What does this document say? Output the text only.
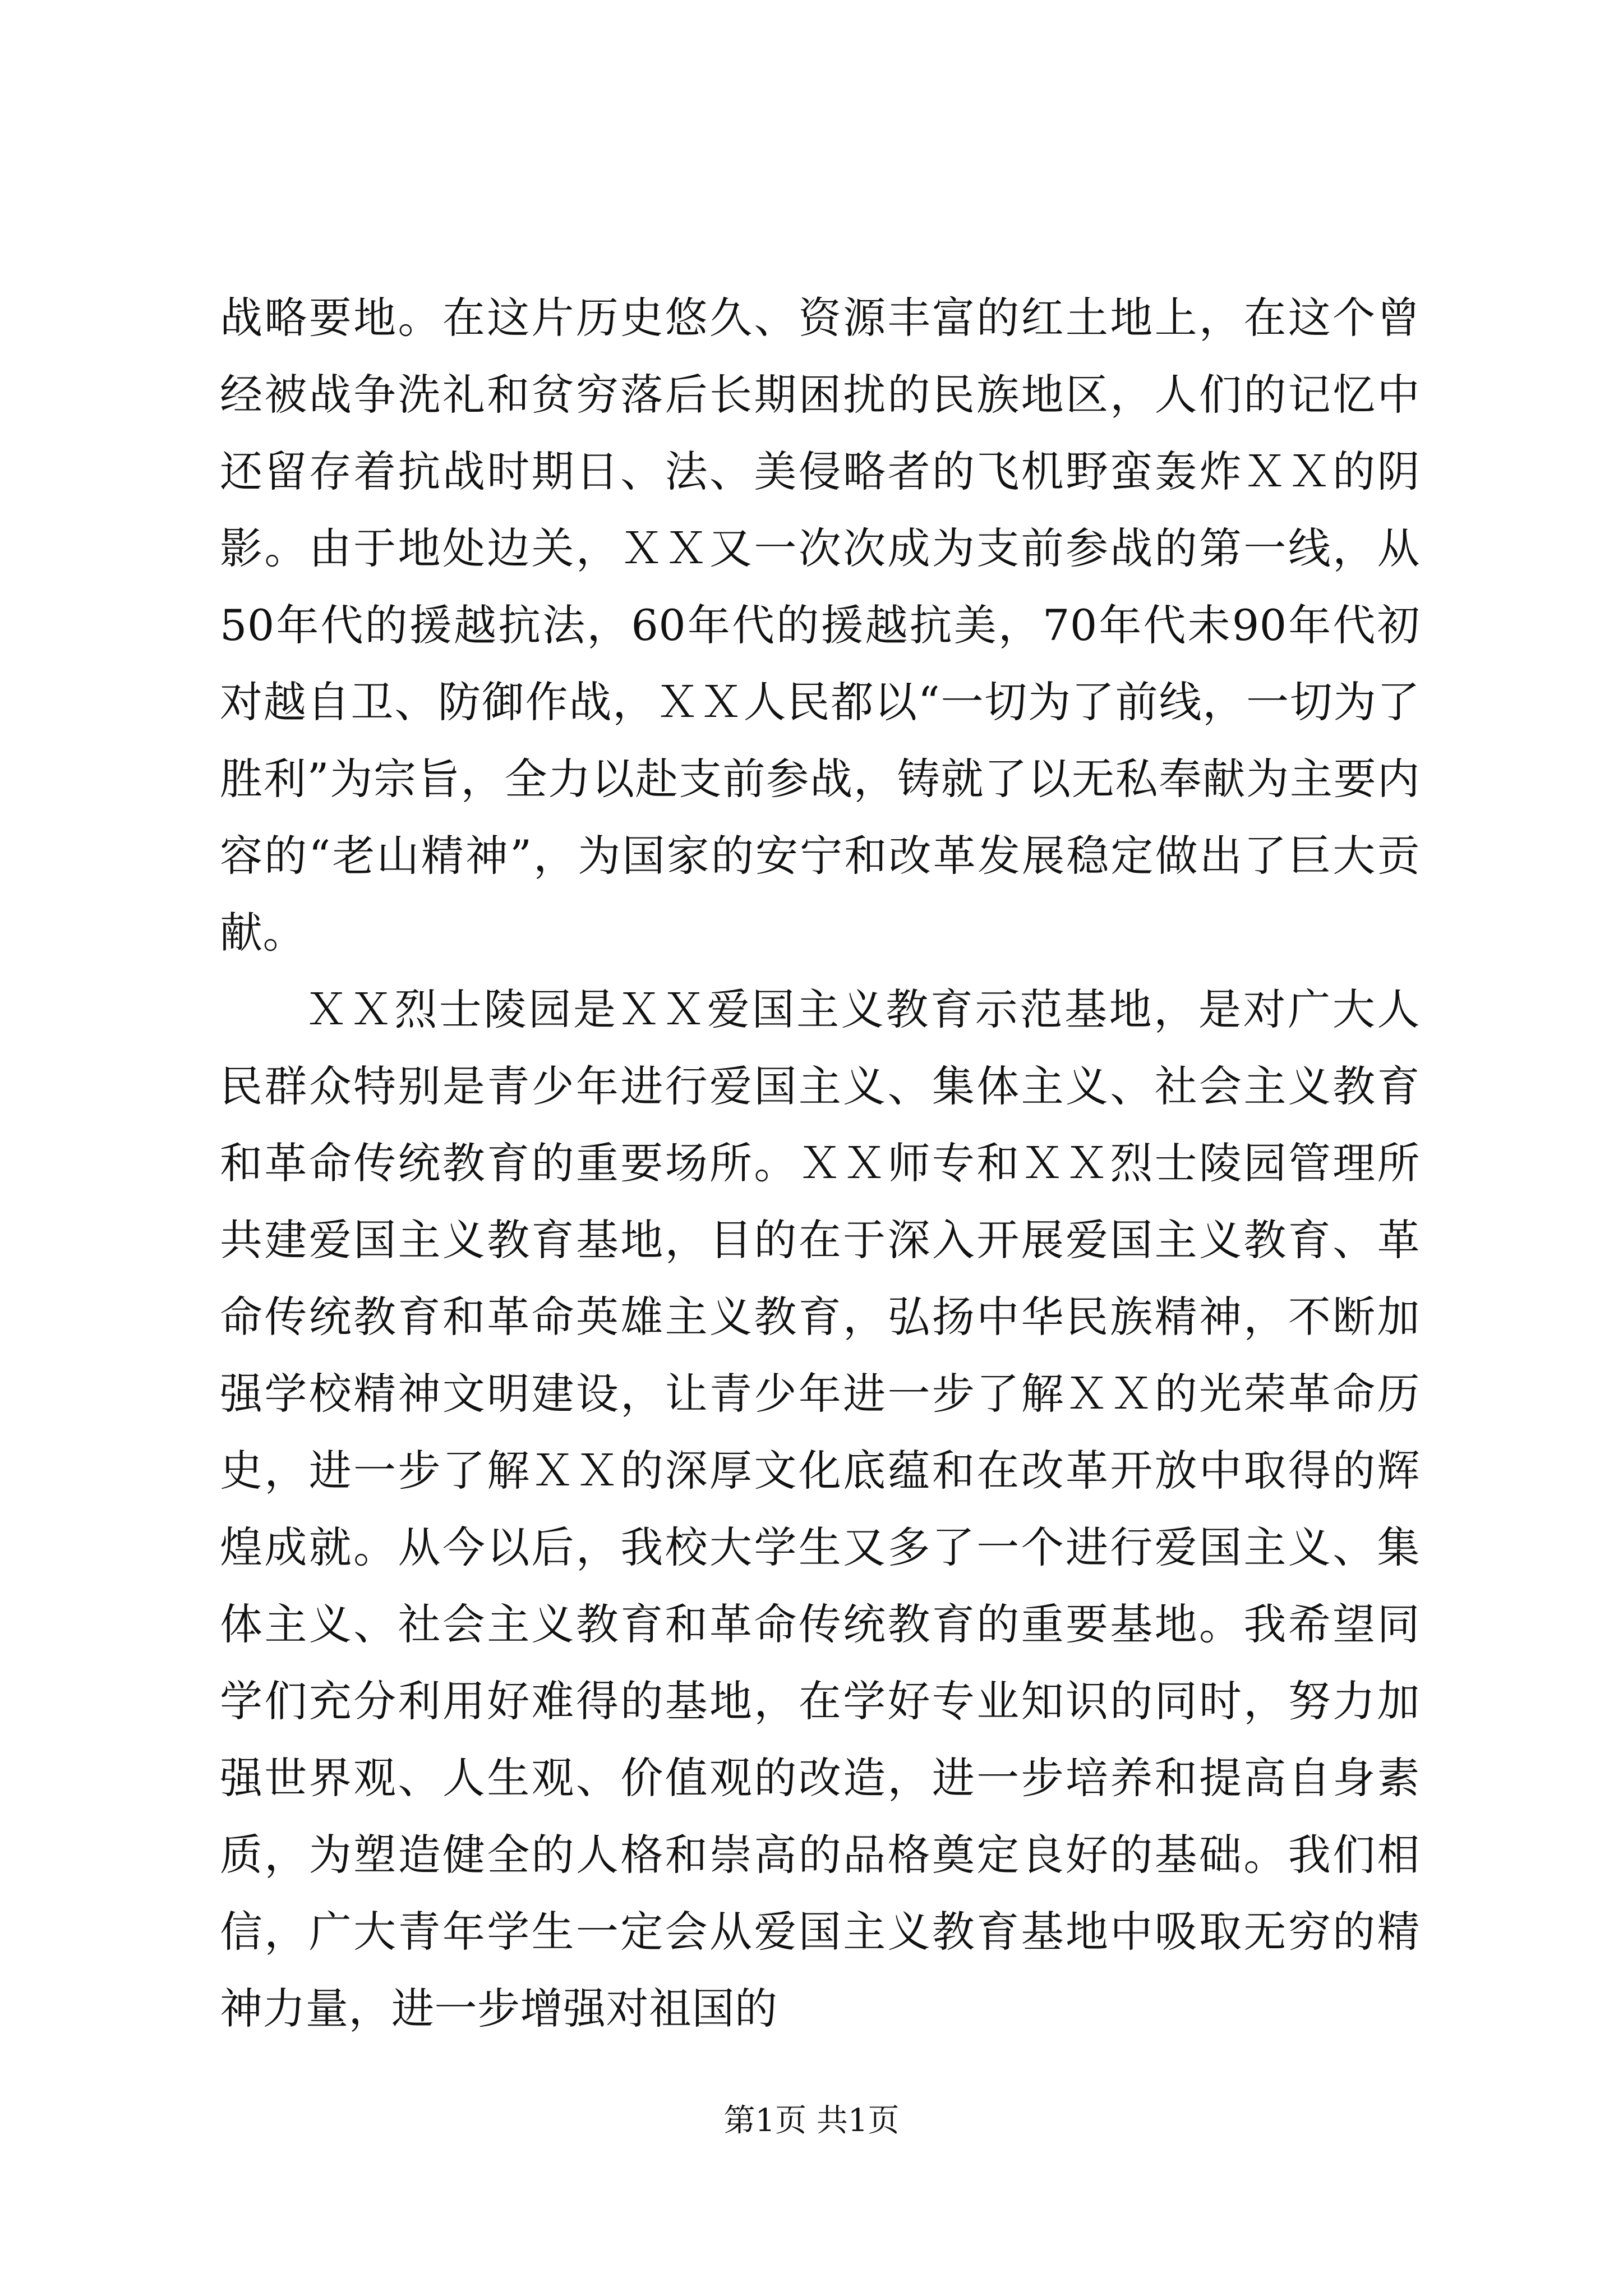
战略要地。在这片历史悠久、资源丰富的红土地上，在这个曾经被战争洗礼和贫穷落后长期困扰的民族地区，人们的记忆中还留存着抗战时期日、法、美侵略者的飞机野蛮轰炸ＸＸ的阴影。由于地处边关，ＸＸ又一次次成为支前参战的第一线，从50年代的援越抗法，60年代的援越抗美，70年代未90年代初对越自卫、防御作战，ＸＸ人民都以“一切为了前线，一切为了胜利”为宗旨，全力以赴支前参战，铸就了以无私奉献为主要内容的“老山精神”，为国家的安宁和改革发展稳定做出了巨大贡献。

ＸＸ烈士陵园是ＸＸ爱国主义教育示范基地，是对广大人民群众特别是青少年进行爱国主义、集体主义、社会主义教育和革命传统教育的重要场所。ＸＸ师专和ＸＸ烈士陵园管理所共建爱国主义教育基地，目的在于深入开展爱国主义教育、革命传统教育和革命英雄主义教育，弘扬中华民族精神，不断加强学校精神文明建设，让青少年进一步了解ＸＸ的光荣革命历史，进一步了解ＸＸ的深厚文化底蕴和在改革开放中取得的辉煌成就。从今以后，我校大学生又多了一个进行爱国主义、集体主义、社会主义教育和革命传统教育的重要基地。我希望同学们充分利用好难得的基地，在学好专业知识的同时，努力加强世界观、人生观、价值观的改造，进一步培养和提高自身素质，为塑造健全的人格和崇高的品格奠定良好的基础。我们相信，广大青年学生一定会从爱国主义教育基地中吸取无穷的精神力量，进一步增强对祖国的

第1页 共1页
